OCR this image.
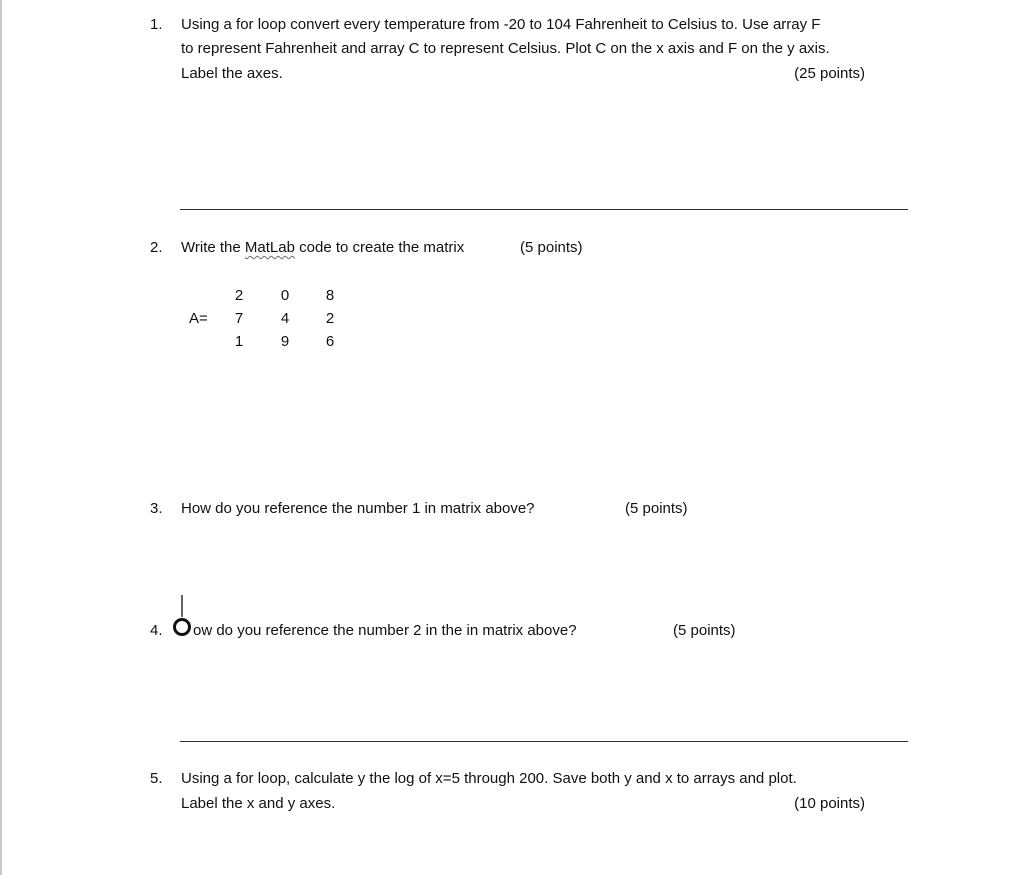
1. Using a for loop convert every temperature from -20 to 104 Fahrenheit to Celsius to. Use array F
to represent Fahrenheit and array C to represent Celsius. Plot C on the x axis and F on the y axis.
Label the axes.	(25 points)
2. Write the MatLab code to create the matrix	(5 points)
A=
2	0	8
7	4	2
1	9	6
3. How do you reference the number 1 in matrix above?	(5 points)
4. ow do you reference the number 2 in the in matrix above?	(5 points)
5. Using a for loop, calculate y the log of x=5 through 200. Save both y and x to arrays and plot.
Label the x and y axes.	(10 points)
